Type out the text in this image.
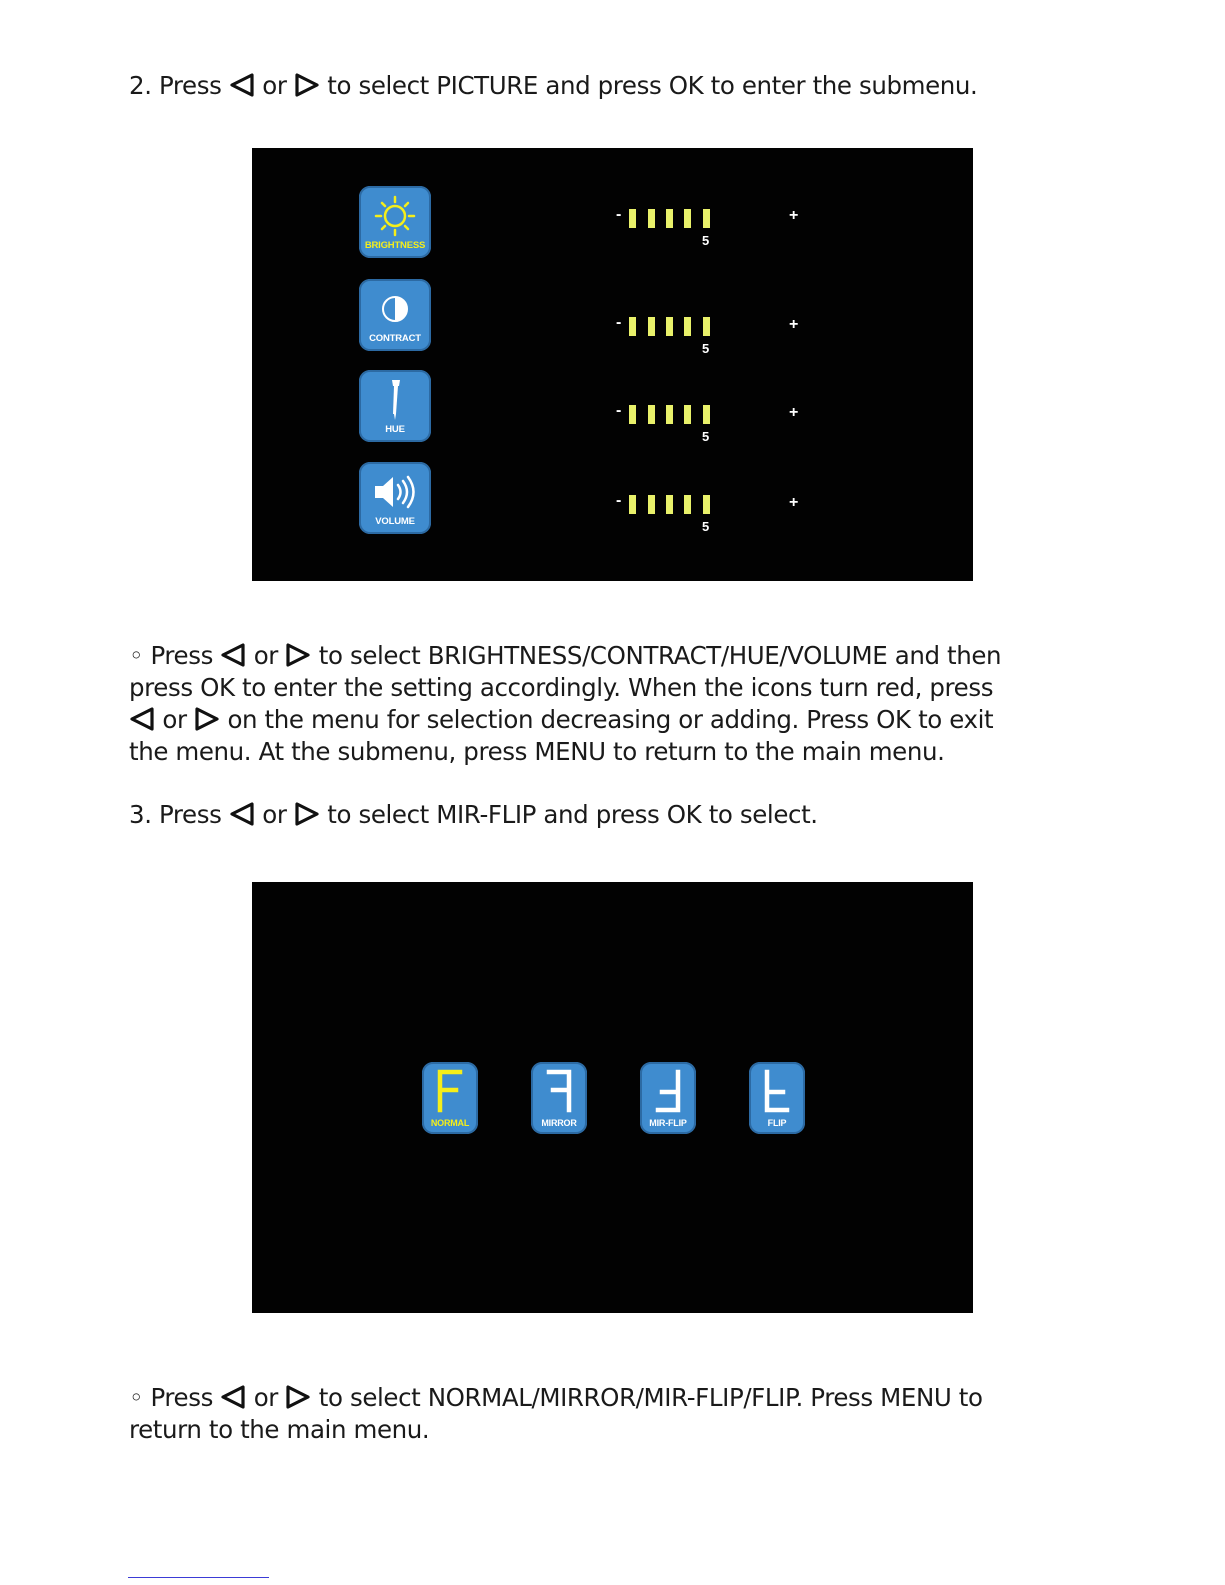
2. Press or to select PICTURE and press OK to enter the submenu.
BRIGHTNESS
-
5
+
CONTRACT
-
5
+
HUE
-
5
+
VOLUME
-
5
+
◦ Press or to select BRIGHTNESS/CONTRACT/HUE/VOLUME and then
press OK to enter the setting accordingly. When the icons turn red, press
or on the menu for selection decreasing or adding. Press OK to exit
the menu. At the submenu, press MENU to return to the main menu.
3. Press or to select MIR-FLIP and press OK to select.
NORMAL	MIRROR	MIR-FLIP	FLIP
◦ Press or to select NORMAL/MIRROR/MIR-FLIP/FLIP. Press MENU to
return to the main menu.
